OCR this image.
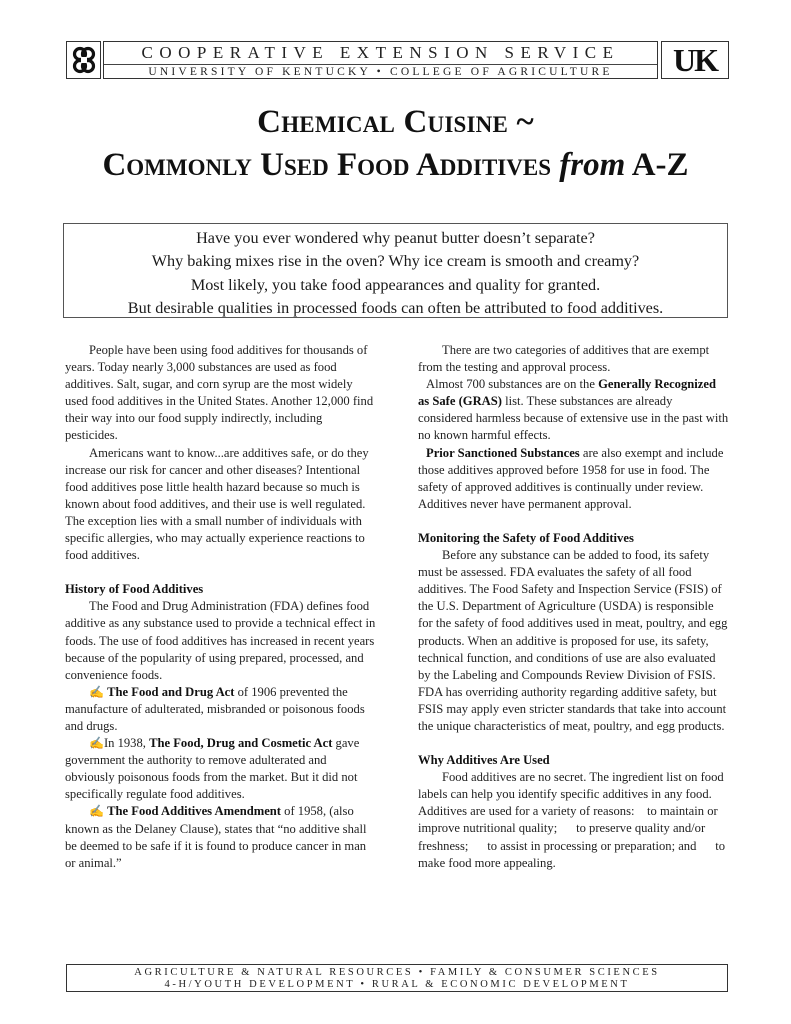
COOPERATIVE EXTENSION SERVICE
UNIVERSITY OF KENTUCKY • COLLEGE OF AGRICULTURE	UK
Chemical Cuisine ~
Commonly Used Food Additives from A-Z
Have you ever wondered why peanut butter doesn’t separate?
Why baking mixes rise in the oven? Why ice cream is smooth and creamy?
Most likely, you take food appearances and quality for granted.
But desirable qualities in processed foods can often be attributed to food additives.

People have been using food additives for thousands of years. Today nearly 3,000 substances are used as food additives. Salt, sugar, and corn syrup are the most widely used food additives in the United States. Another 12,000 find their way into our food supply indirectly, including pesticides.

Americans want to know...are additives safe, or do they increase our risk for cancer and other diseases? Intentional food additives pose little health hazard because so much is known about food additives, and their use is well regulated. The exception lies with a small number of individuals with specific allergies, who may actually experience reactions to food additives.

History of Food Additives

The Food and Drug Administration (FDA) defines food additive as any substance used to provide a technical effect in foods. The use of food additives has increased in recent years because of the popularity of using prepared, processed, and convenience foods.

✍ The Food and Drug Act of 1906 prevented the manufacture of adulterated, misbranded or poisonous foods and drugs.

✍In 1938, The Food, Drug and Cosmetic Act gave government the authority to remove adulterated and obviously poisonous foods from the market. But it did not specifically regulate food additives.

✍ The Food Additives Amendment of 1958, (also known as the Delaney Clause), states that “no additive shall be deemed to be safe if it is found to produce cancer in man or animal.”

There are two categories of additives that are exempt from the testing and approval process.

Almost 700 substances are on the Generally Recognized as Safe (GRAS) list. These substances are already considered harmless because of extensive use in the past with no known harmful effects.

Prior Sanctioned Substances are also exempt and include those additives approved before 1958 for use in food. The safety of approved additives is continually under review. Additives never have permanent approval.

Monitoring the Safety of Food Additives

Before any substance can be added to food, its safety must be assessed. FDA evaluates the safety of all food additives. The Food Safety and Inspection Service (FSIS) of the U.S. Department of Agriculture (USDA) is responsible for the safety of food additives used in meat, poultry, and egg products. When an additive is proposed for use, its safety, technical function, and conditions of use are also evaluated by the Labeling and Compounds Review Division of FSIS. FDA has overriding authority regarding additive safety, but FSIS may apply even stricter standards that take into account the unique characteristics of meat, poultry, and egg products.

Why Additives Are Used

Food additives are no secret. The ingredient list on food labels can help you identify specific additives in any food.  Additives are used for a variety of reasons:    to maintain or improve nutritional quality;      to preserve quality and/or freshness;      to assist in processing or preparation; and      to make food more appealing.

AGRICULTURE & NATURAL RESOURCES • FAMILY & CONSUMER SCIENCES
4-H/YOUTH DEVELOPMENT • RURAL & ECONOMIC DEVELOPMENT
